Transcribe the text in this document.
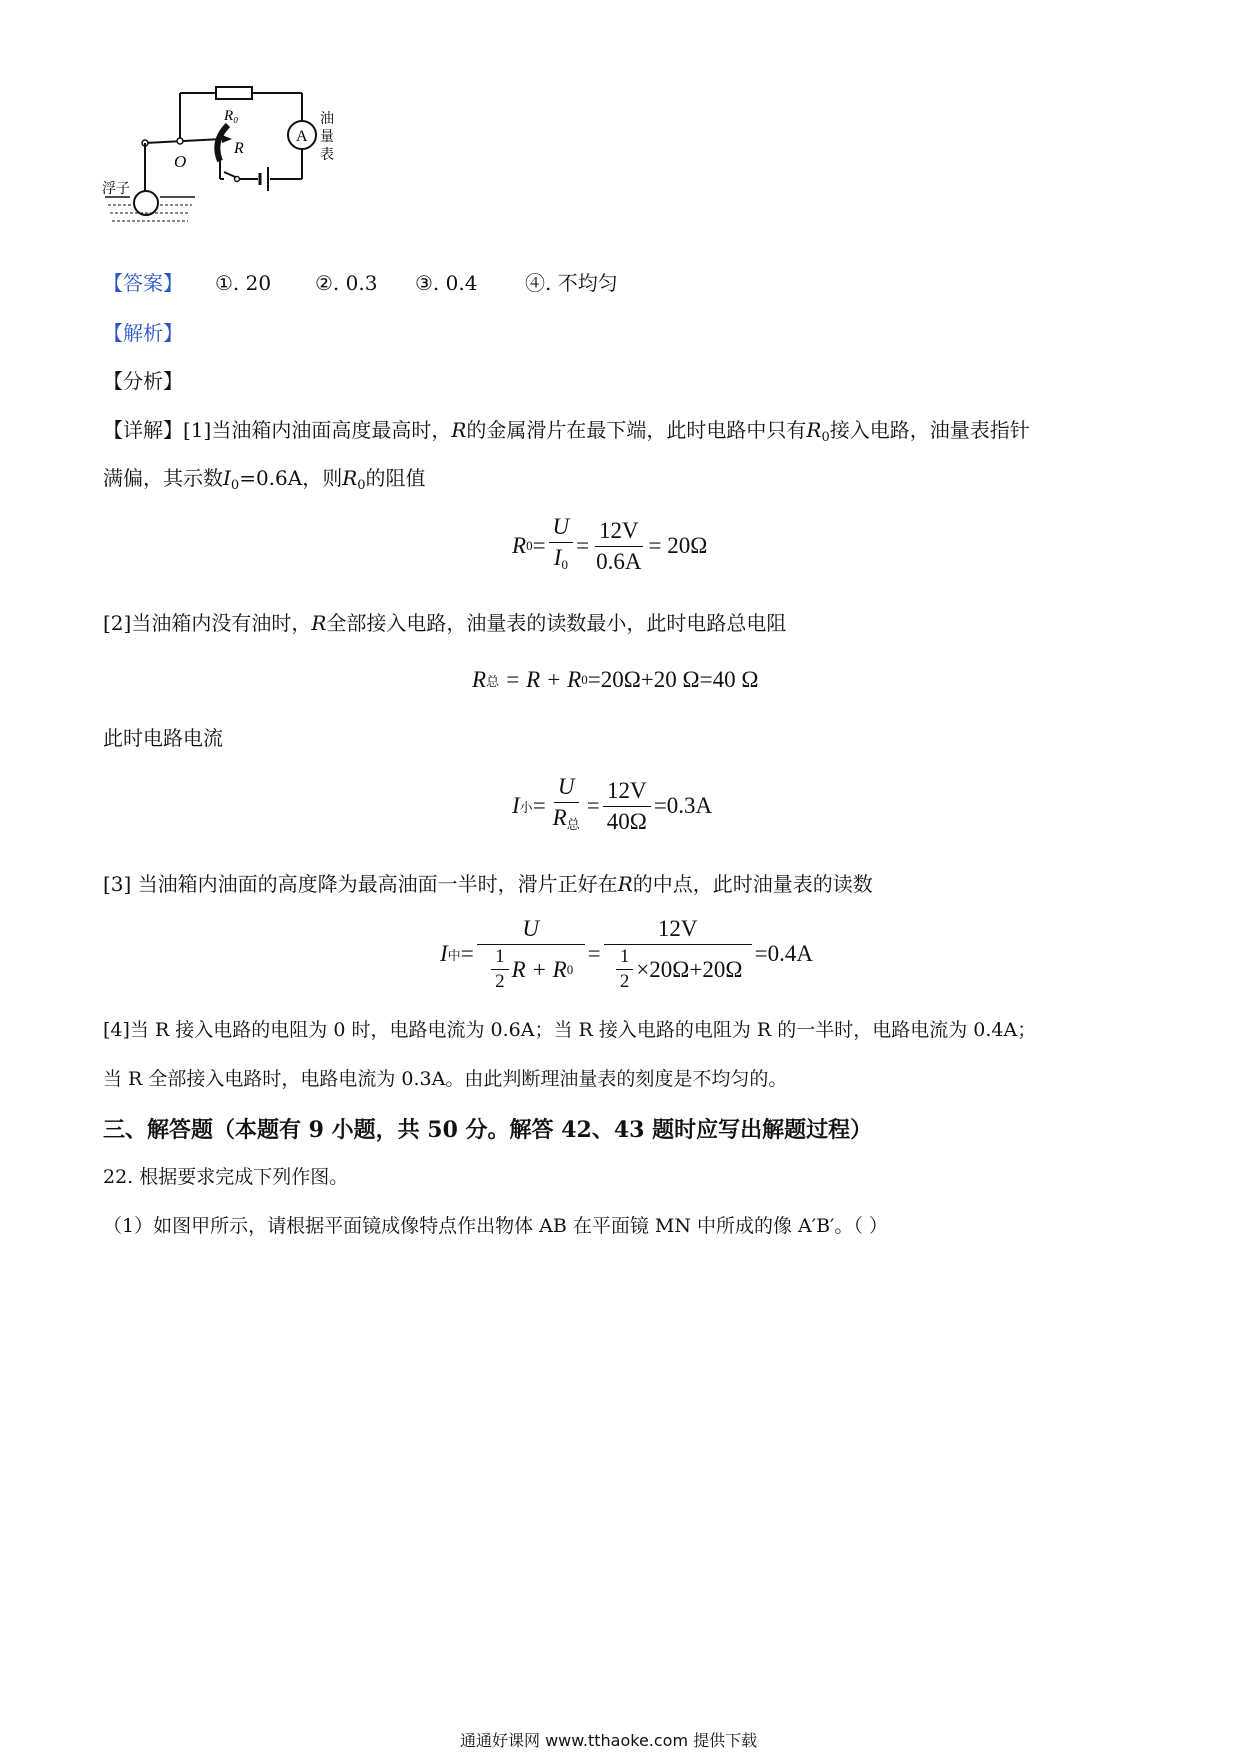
R₀
R
O
A
油
量
表
浮子
【答案】	①. 20	②. 0.3	③. 0.4	④. 不均匀
【解析】
【分析】
【详解】[1]当油箱内油面高度最高时，R的金属滑片在最下端，此时电路中只有$R_0$接入电路，油量表指针
满偏，其示数$I_0=0.6A$，则$R_0$的阻值
R $0 = \frac{U}{I_0} = \frac{12V}{0.6A} = 20\Omega$
[2]当油箱内没有油时，R全部接入电路，油量表的读数最小，此时电路总电阻
R 总
= R + R 0 =20Ω+20 Ω=40 Ω
此时电路电流
I 小 = $\frac{U}{R_总} = \frac{12V}{40\Omega} =0.3A$
[3] 当油箱内油面的高度降为最高油面一半时，滑片正好在R的中点，此时油量表的读数
I 中 = $\frac{U}{\frac{1}{2} R + R 0} = \frac{12V}{\frac{1}{2} \times 20\Omega+20\Omega} =0.4A$
[4]当 R 接入电路的电阻为 0 时，电路电流为 0.6A；当 R 接入电路的电阻为 R 的一半时，电路电流为 0.4A；
当 R 全部接入电路时，电路电流为 0.3A。由此判断理油量表的刻度是不均匀的。
三、解答题（本题有 9 小题，共 50 分。解答 42、43 题时应写出解题过程）
22. 根据要求完成下列作图。
（1）如图甲所示，请根据平面镜成像特点作出物体 AB 在平面镜 MN 中所成的像 A′B′。（ ）
通通好课网 www.tthaoke.com 提供下载
